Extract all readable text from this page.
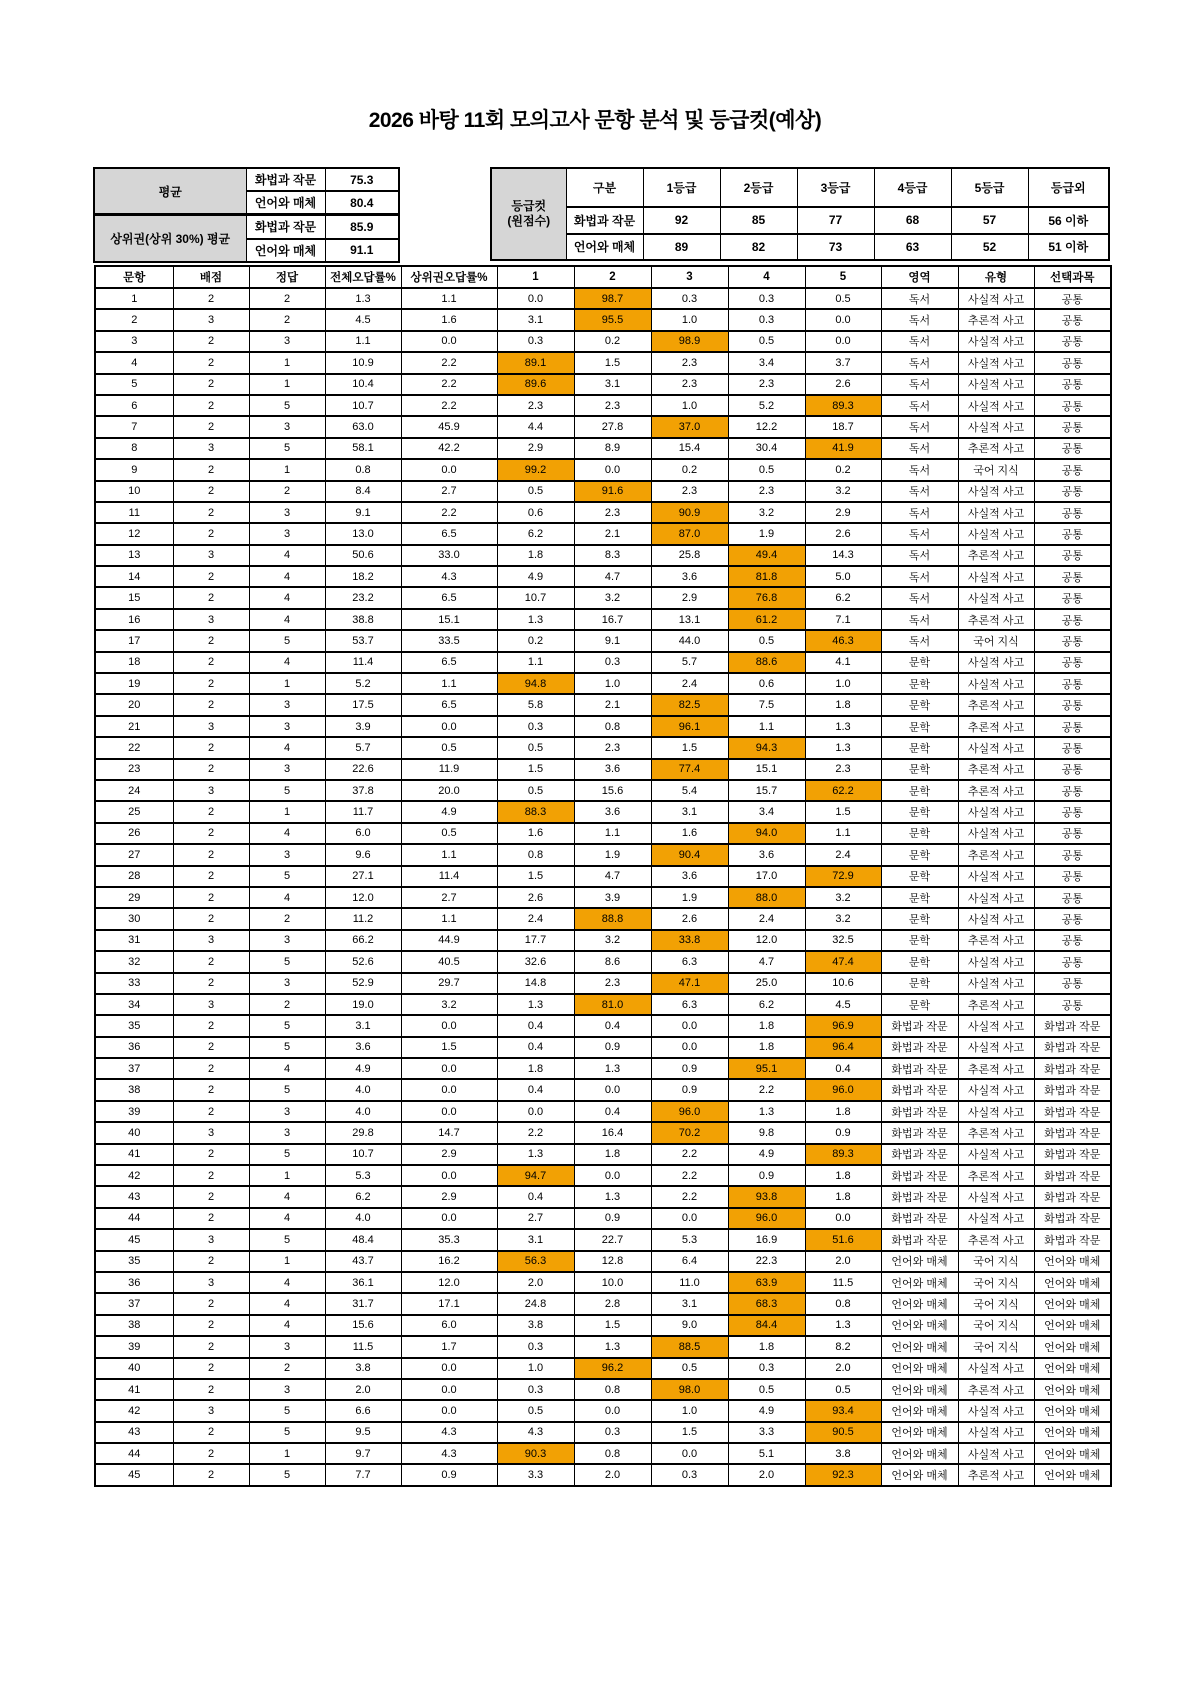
2026 바탕 11회 모의고사 문항 분석 및 등급컷(예상)
평균	화법과 작문	75.3
	언어와 매체	80.4
상위권(상위 30%) 평균	화법과 작문	85.9
	언어와 매체	91.1
등급컷
(원점수)	구분	1등급	2등급	3등급	4등급	5등급	등급외
	화법과 작문	92	85	77	68	57	56 이하
	언어와 매체	89	82	73	63	52	51 이하
문항	배점	정답	전체오답률%	상위권오답률%	1	2	3	4	5	영역	유형	선택과목
1	2	2	1.3	1.1	0.0	98.7	0.3	0.3	0.5	독서	사실적 사고	공통
2	3	2	4.5	1.6	3.1	95.5	1.0	0.3	0.0	독서	추론적 사고	공통
3	2	3	1.1	0.0	0.3	0.2	98.9	0.5	0.0	독서	사실적 사고	공통
4	2	1	10.9	2.2	89.1	1.5	2.3	3.4	3.7	독서	사실적 사고	공통
5	2	1	10.4	2.2	89.6	3.1	2.3	2.3	2.6	독서	사실적 사고	공통
6	2	5	10.7	2.2	2.3	2.3	1.0	5.2	89.3	독서	사실적 사고	공통
7	2	3	63.0	45.9	4.4	27.8	37.0	12.2	18.7	독서	사실적 사고	공통
8	3	5	58.1	42.2	2.9	8.9	15.4	30.4	41.9	독서	추론적 사고	공통
9	2	1	0.8	0.0	99.2	0.0	0.2	0.5	0.2	독서	국어 지식	공통
10	2	2	8.4	2.7	0.5	91.6	2.3	2.3	3.2	독서	사실적 사고	공통
11	2	3	9.1	2.2	0.6	2.3	90.9	3.2	2.9	독서	사실적 사고	공통
12	2	3	13.0	6.5	6.2	2.1	87.0	1.9	2.6	독서	사실적 사고	공통
13	3	4	50.6	33.0	1.8	8.3	25.8	49.4	14.3	독서	추론적 사고	공통
14	2	4	18.2	4.3	4.9	4.7	3.6	81.8	5.0	독서	사실적 사고	공통
15	2	4	23.2	6.5	10.7	3.2	2.9	76.8	6.2	독서	사실적 사고	공통
16	3	4	38.8	15.1	1.3	16.7	13.1	61.2	7.1	독서	추론적 사고	공통
17	2	5	53.7	33.5	0.2	9.1	44.0	0.5	46.3	독서	국어 지식	공통
18	2	4	11.4	6.5	1.1	0.3	5.7	88.6	4.1	문학	사실적 사고	공통
19	2	1	5.2	1.1	94.8	1.0	2.4	0.6	1.0	문학	사실적 사고	공통
20	2	3	17.5	6.5	5.8	2.1	82.5	7.5	1.8	문학	추론적 사고	공통
21	3	3	3.9	0.0	0.3	0.8	96.1	1.1	1.3	문학	추론적 사고	공통
22	2	4	5.7	0.5	0.5	2.3	1.5	94.3	1.3	문학	사실적 사고	공통
23	2	3	22.6	11.9	1.5	3.6	77.4	15.1	2.3	문학	추론적 사고	공통
24	3	5	37.8	20.0	0.5	15.6	5.4	15.7	62.2	문학	추론적 사고	공통
25	2	1	11.7	4.9	88.3	3.6	3.1	3.4	1.5	문학	사실적 사고	공통
26	2	4	6.0	0.5	1.6	1.1	1.6	94.0	1.1	문학	사실적 사고	공통
27	2	3	9.6	1.1	0.8	1.9	90.4	3.6	2.4	문학	추론적 사고	공통
28	2	5	27.1	11.4	1.5	4.7	3.6	17.0	72.9	문학	사실적 사고	공통
29	2	4	12.0	2.7	2.6	3.9	1.9	88.0	3.2	문학	사실적 사고	공통
30	2	2	11.2	1.1	2.4	88.8	2.6	2.4	3.2	문학	사실적 사고	공통
31	3	3	66.2	44.9	17.7	3.2	33.8	12.0	32.5	문학	추론적 사고	공통
32	2	5	52.6	40.5	32.6	8.6	6.3	4.7	47.4	문학	사실적 사고	공통
33	2	3	52.9	29.7	14.8	2.3	47.1	25.0	10.6	문학	사실적 사고	공통
34	3	2	19.0	3.2	1.3	81.0	6.3	6.2	4.5	문학	추론적 사고	공통
35	2	5	3.1	0.0	0.4	0.4	0.0	1.8	96.9	화법과 작문	사실적 사고	화법과 작문
36	2	5	3.6	1.5	0.4	0.9	0.0	1.8	96.4	화법과 작문	사실적 사고	화법과 작문
37	2	4	4.9	0.0	1.8	1.3	0.9	95.1	0.4	화법과 작문	추론적 사고	화법과 작문
38	2	5	4.0	0.0	0.4	0.0	0.9	2.2	96.0	화법과 작문	사실적 사고	화법과 작문
39	2	3	4.0	0.0	0.0	0.4	96.0	1.3	1.8	화법과 작문	사실적 사고	화법과 작문
40	3	3	29.8	14.7	2.2	16.4	70.2	9.8	0.9	화법과 작문	추론적 사고	화법과 작문
41	2	5	10.7	2.9	1.3	1.8	2.2	4.9	89.3	화법과 작문	사실적 사고	화법과 작문
42	2	1	5.3	0.0	94.7	0.0	2.2	0.9	1.8	화법과 작문	추론적 사고	화법과 작문
43	2	4	6.2	2.9	0.4	1.3	2.2	93.8	1.8	화법과 작문	사실적 사고	화법과 작문
44	2	4	4.0	0.0	2.7	0.9	0.0	96.0	0.0	화법과 작문	사실적 사고	화법과 작문
45	3	5	48.4	35.3	3.1	22.7	5.3	16.9	51.6	화법과 작문	추론적 사고	화법과 작문
35	2	1	43.7	16.2	56.3	12.8	6.4	22.3	2.0	언어와 매체	국어 지식	언어와 매체
36	3	4	36.1	12.0	2.0	10.0	11.0	63.9	11.5	언어와 매체	국어 지식	언어와 매체
37	2	4	31.7	17.1	24.8	2.8	3.1	68.3	0.8	언어와 매체	국어 지식	언어와 매체
38	2	4	15.6	6.0	3.8	1.5	9.0	84.4	1.3	언어와 매체	국어 지식	언어와 매체
39	2	3	11.5	1.7	0.3	1.3	88.5	1.8	8.2	언어와 매체	국어 지식	언어와 매체
40	2	2	3.8	0.0	1.0	96.2	0.5	0.3	2.0	언어와 매체	사실적 사고	언어와 매체
41	2	3	2.0	0.0	0.3	0.8	98.0	0.5	0.5	언어와 매체	추론적 사고	언어와 매체
42	3	5	6.6	0.0	0.5	0.0	1.0	4.9	93.4	언어와 매체	사실적 사고	언어와 매체
43	2	5	9.5	4.3	4.3	0.3	1.5	3.3	90.5	언어와 매체	사실적 사고	언어와 매체
44	2	1	9.7	4.3	90.3	0.8	0.0	5.1	3.8	언어와 매체	사실적 사고	언어와 매체
45	2	5	7.7	0.9	3.3	2.0	0.3	2.0	92.3	언어와 매체	추론적 사고	언어와 매체
